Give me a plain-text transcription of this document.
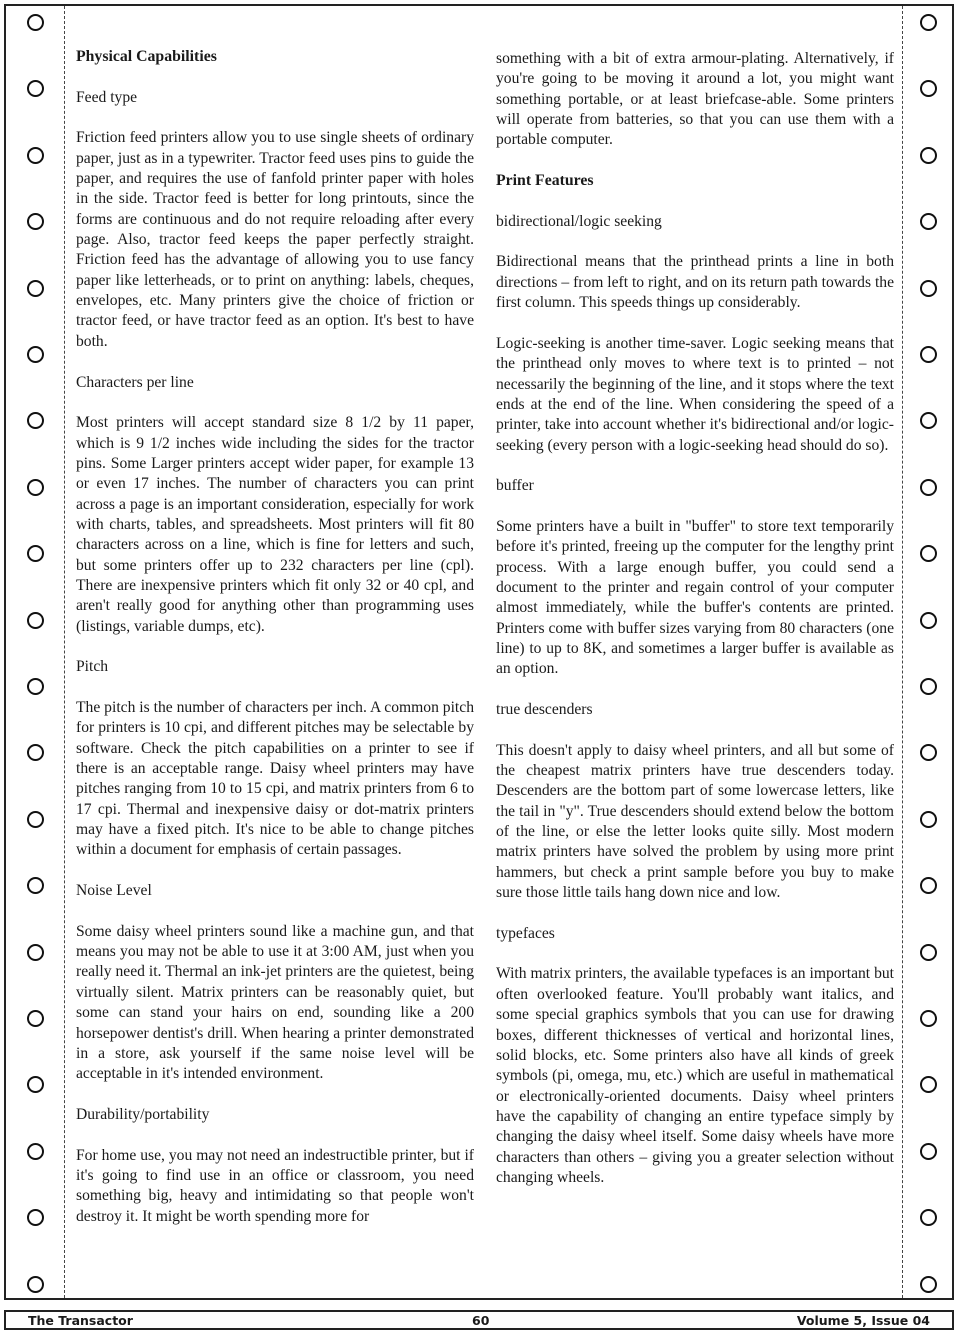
Physical Capabilities
Feed type

Friction feed printers allow you to use single sheets of ordinary paper, just as in a typewriter. Tractor feed uses pins to guide the paper, and requires the use of fanfold printer paper with holes in the side. Tractor feed is better for long printouts, since the forms are continuous and do not require reloading after every page. Also, tractor feed keeps the paper perfectly straight. Friction feed has the advantage of allowing you to use fancy paper like letterheads, or to print on anything: labels, cheques, envelopes, etc. Many printers give the choice of friction or tractor feed, or have tractor feed as an option. It's best to have both.

Characters per line

Most printers will accept standard size 8 1/2 by 11 paper, which is 9 1/2 inches wide including the sides for the tractor pins. Some Larger printers accept wider paper, for example 13 or even 17 inches. The number of characters you can print across a page is an important consideration, especially for work with charts, tables, and spreadsheets. Most printers will fit 80 characters across on a line, which is fine for letters and such, but some printers offer up to 232 characters per line (cpl). There are inexpensive printers which fit only 32 or 40 cpl, and aren't really good for anything other than programming uses (listings, variable dumps, etc).

Pitch

The pitch is the number of characters per inch. A common pitch for printers is 10 cpi, and different pitches may be selectable by software. Check the pitch capabilities on a printer to see if there is an acceptable range. Daisy wheel printers may have pitches ranging from 10 to 15 cpi, and matrix printers from 6 to 17 cpi. Thermal and inexpensive daisy or dot-matrix printers may have a fixed pitch. It's nice to be able to change pitches within a document for emphasis of certain passages.

Noise Level

Some daisy wheel printers sound like a machine gun, and that means you may not be able to use it at 3:00 AM, just when you really need it. Thermal an ink-jet printers are the quietest, being virtually silent. Matrix printers can be reasonably quiet, but some can stand your hairs on end, sounding like a 200 horsepower dentist's drill. When hearing a printer demonstrated in a store, ask yourself if the same noise level will be acceptable in it's intended environment.

Durability/portability

For home use, you may not need an indestructible printer, but if it's going to find use in an office or classroom, you need something big, heavy and intimidating so that people won't destroy it. It might be worth spending more for

something with a bit of extra armour-plating. Alternatively, if you're going to be moving it around a lot, you might want something portable, or at least briefcase-able. Some printers will operate from batteries, so that you can use them with a portable computer.

Print Features
bidirectional/logic seeking

Bidirectional means that the printhead prints a line in both directions – from left to right, and on its return path towards the first column. This speeds things up considerably.

Logic-seeking is another time-saver. Logic seeking means that the printhead only moves to where text is to printed – not necessarily the beginning of the line, and it stops where the text ends at the end of the line. When considering the speed of a printer, take into account whether it's bidirectional and/or logic-seeking (every person with a logic-seeking head should do so).

buffer

Some printers have a built in "buffer" to store text temporarily before it's printed, freeing up the computer for the lengthy print process. With a large enough buffer, you could send a document to the printer and regain control of your computer almost immediately, while the buffer's contents are printed. Printers come with buffer sizes varying from 80 characters (one line) to up to 8K, and sometimes a larger buffer is available as an option.

true descenders

This doesn't apply to daisy wheel printers, and all but some of the cheapest matrix printers have true descenders today. Descenders are the bottom part of some lowercase letters, like the tail in "y". True descenders should extend below the bottom of the line, or else the letter looks quite silly. Most modern matrix printers have solved the problem by using more print hammers, but check a print sample before you buy to make sure those little tails hang down nice and low.

typefaces

With matrix printers, the available typefaces is an important but often overlooked feature. You'll probably want italics, and some special graphics symbols that you can use for drawing boxes, different thicknesses of vertical and horizontal lines, solid blocks, etc. Some printers also have all kinds of greek symbols (pi, omega, mu, etc.) which are useful in mathematical or electronically-oriented documents. Daisy wheel printers have the capability of changing an entire typeface simply by changing the daisy wheel itself. Some daisy wheels have more characters than others – giving you a greater selection without changing wheels.

The Transactor	60	Volume 5, Issue 04
